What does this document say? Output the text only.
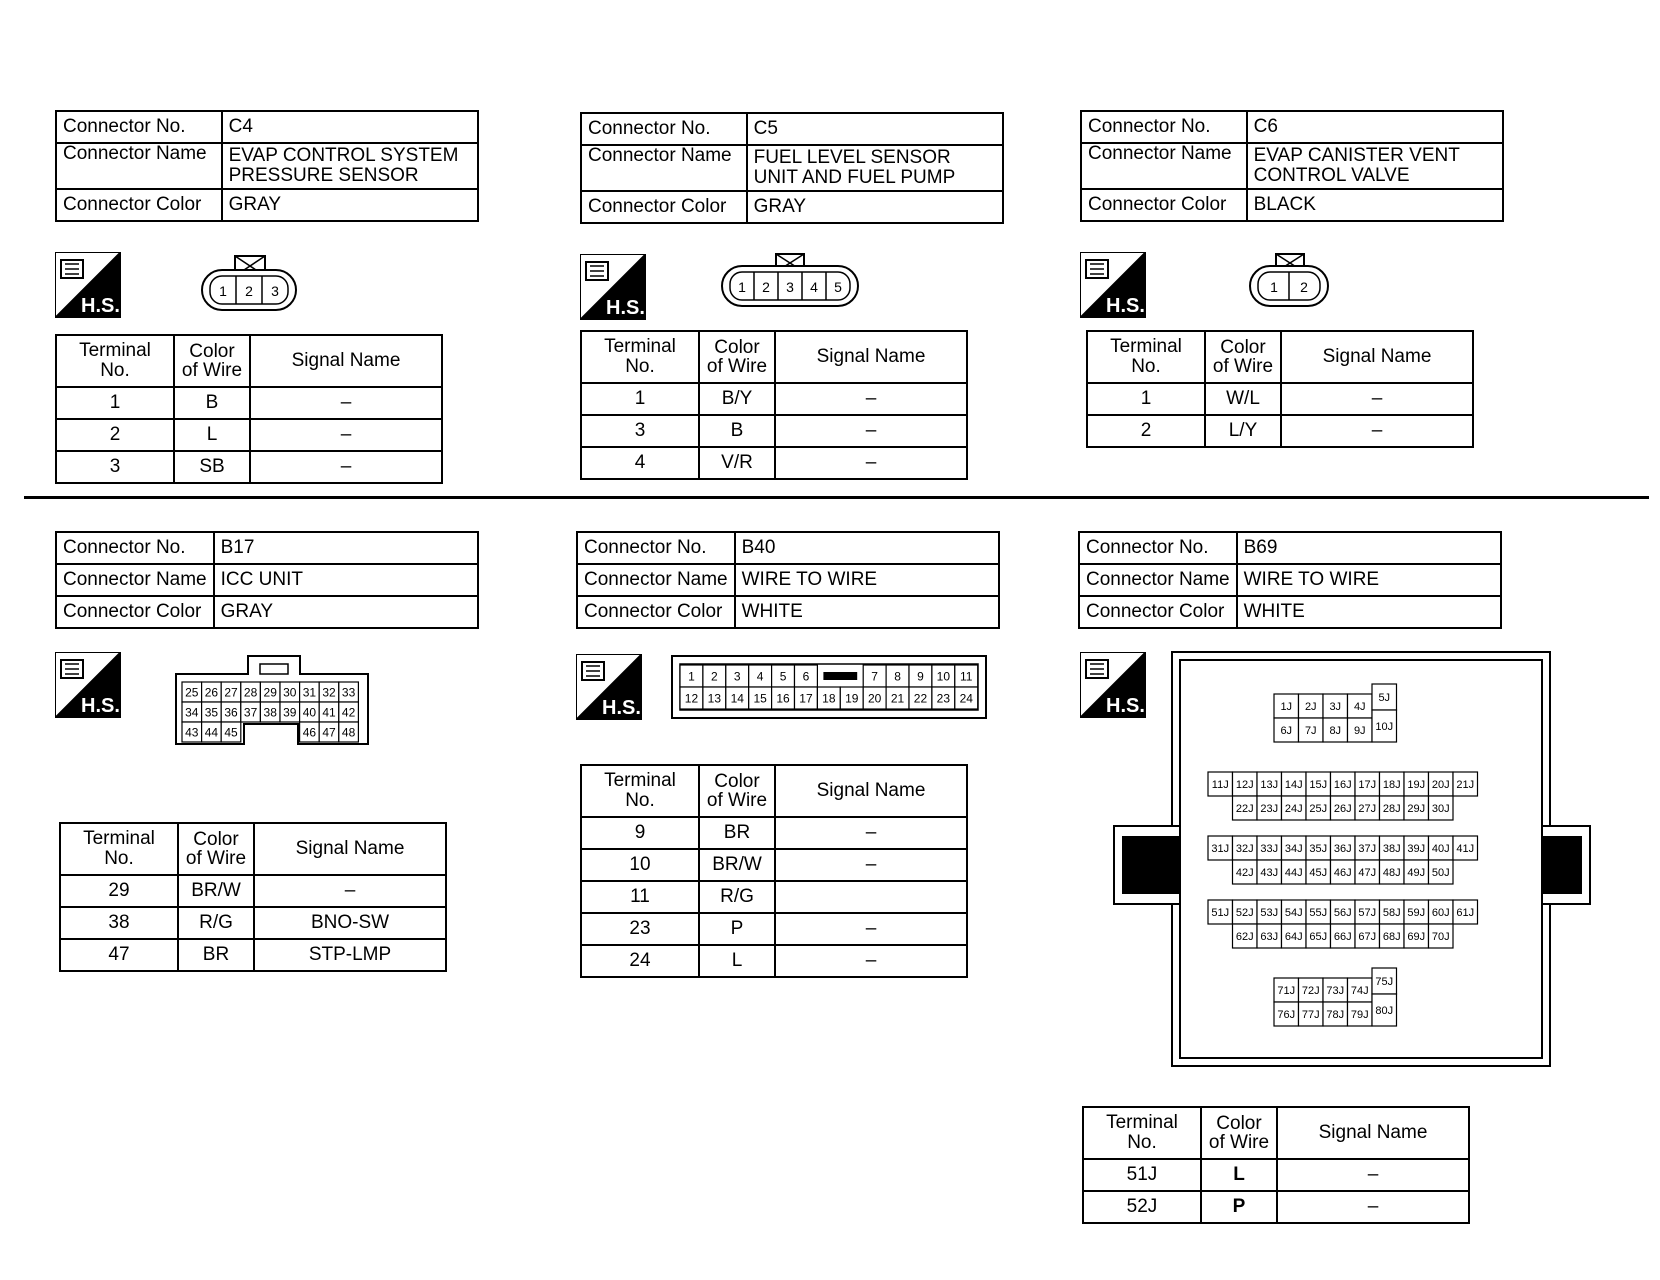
Connector No.	C4
Connector Name	EVAP CONTROL SYSTEM PRESSURE SENSOR
Connector Color	GRAY
H.S.
1 2 3
Terminal No.	Color of Wire	Signal Name
1	B	–
2	L	–
3	SB	–
Connector No.	C5
Connector Name	FUEL LEVEL SENSOR UNIT AND FUEL PUMP
Connector Color	GRAY
H.S.
1 2 3 4 5
Terminal No.	Color of Wire	Signal Name
1	B/Y	–
3	B	–
4	V/R	–
Connector No.	C6
Connector Name	EVAP CANISTER VENT CONTROL VALVE
Connector Color	BLACK
H.S.
1 2
Terminal No.	Color of Wire	Signal Name
1	W/L	–
2	L/Y	–
Connector No.	B17
Connector Name	ICC UNIT
Connector Color	GRAY
H.S.
25 26 27 28 29 30 31 32 33
34 35 36 37 38 39 40 41 42
43 44 45	46 47 48
Terminal No.	Color of Wire	Signal Name
29	BR/W	–
38	R/G	BNO-SW
47	BR	STP-LMP
Connector No.	B40
Connector Name	WIRE TO WIRE
Connector Color	WHITE
H.S.
1 2 3 4 5 6	7 8 9 10 11
12 13 14 15 16 17 18 19 20 21 22 23 24
Terminal No.	Color of Wire	Signal Name
9	BR	–
10	BR/W	–
11	R/G	
23	P	–
24	L	–
Connector No.	B69
Connector Name	WIRE TO WIRE
Connector Color	WHITE
H.S.	1J 2J 3J 4J
6J 7J 8J 9J
5J
10J
71J 72J 73J 74J
76J 77J 78J 79J
75J
80J
11J 12J 13J 14J 15J 16J 17J 18J 19J 20J 21J
22J 23J 24J 25J 26J 27J 28J 29J 30J
31J 32J 33J 34J 35J 36J 37J 38J 39J 40J 41J
42J 43J 44J 45J 46J 47J 48J 49J 50J
51J 52J 53J 54J 55J 56J 57J 58J 59J 60J 61J
62J 63J 64J 65J 66J 67J 68J 69J 70J
Terminal No.	Color of Wire	Signal Name
51J	L	–
52J	P	–
